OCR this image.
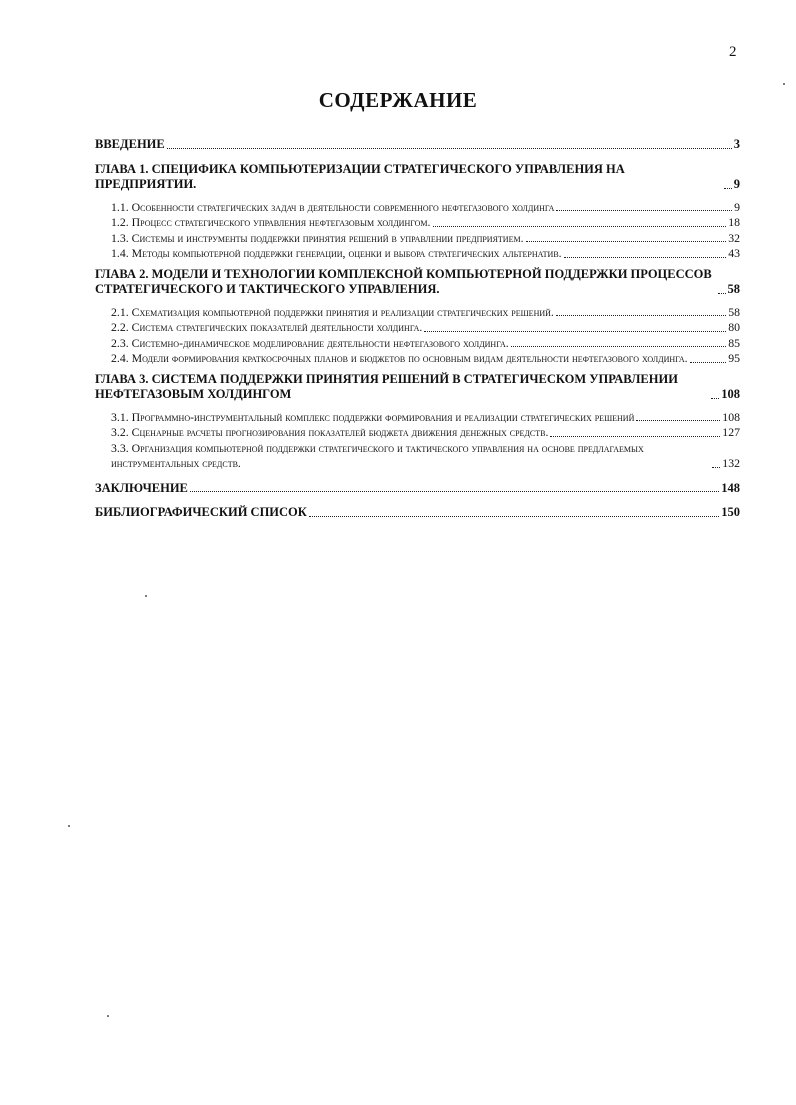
2
СОДЕРЖАНИЕ
ВВЕДЕНИЕ	3
ГЛАВА 1. СПЕЦИФИКА КОМПЬЮТЕРИЗАЦИИ СТРАТЕГИЧЕСКОГО УПРАВЛЕНИЯ НА ПРЕДПРИЯТИИ.	9
1.1. Особенности стратегических задач в деятельности современного нефтегазового холдинга	9
1.2. Процесс стратегического управления нефтегазовым холдингом.	18
1.3. Системы и инструменты поддержки принятия решений в управлении предприятием.	32
1.4. Методы компьютерной поддержки генерации, оценки и выбора стратегических альтернатив.	43
ГЛАВА 2. МОДЕЛИ И ТЕХНОЛОГИИ КОМПЛЕКСНОЙ КОМПЬЮТЕРНОЙ ПОДДЕРЖКИ ПРОЦЕССОВ СТРАТЕГИЧЕСКОГО И ТАКТИЧЕСКОГО УПРАВЛЕНИЯ.	58
2.1. Схематизация компьютерной поддержки принятия и реализации стратегических решений.	58
2.2. Система стратегических показателей деятельности холдинга.	80
2.3. Системно-динамическое моделирование деятельности нефтегазового холдинга.	85
2.4. Модели формирования краткосрочных планов и бюджетов по основным видам деятельности нефтегазового холдинга.	95
ГЛАВА 3. СИСТЕМА ПОДДЕРЖКИ ПРИНЯТИЯ РЕШЕНИЙ В СТРАТЕГИЧЕСКОМ УПРАВЛЕНИИ НЕФТЕГАЗОВЫМ ХОЛДИНГОМ	108
3.1. Программно-инструментальный комплекс поддержки формирования и реализации стратегических решений	108
3.2. Сценарные расчеты прогнозирования показателей бюджета движения денежных средств.	127
3.3. Организация компьютерной поддержки стратегического и тактического управления на основе предлагаемых инструментальных средств.	132
ЗАКЛЮЧЕНИЕ	148
БИБЛИОГРАФИЧЕСКИЙ СПИСОК	150
